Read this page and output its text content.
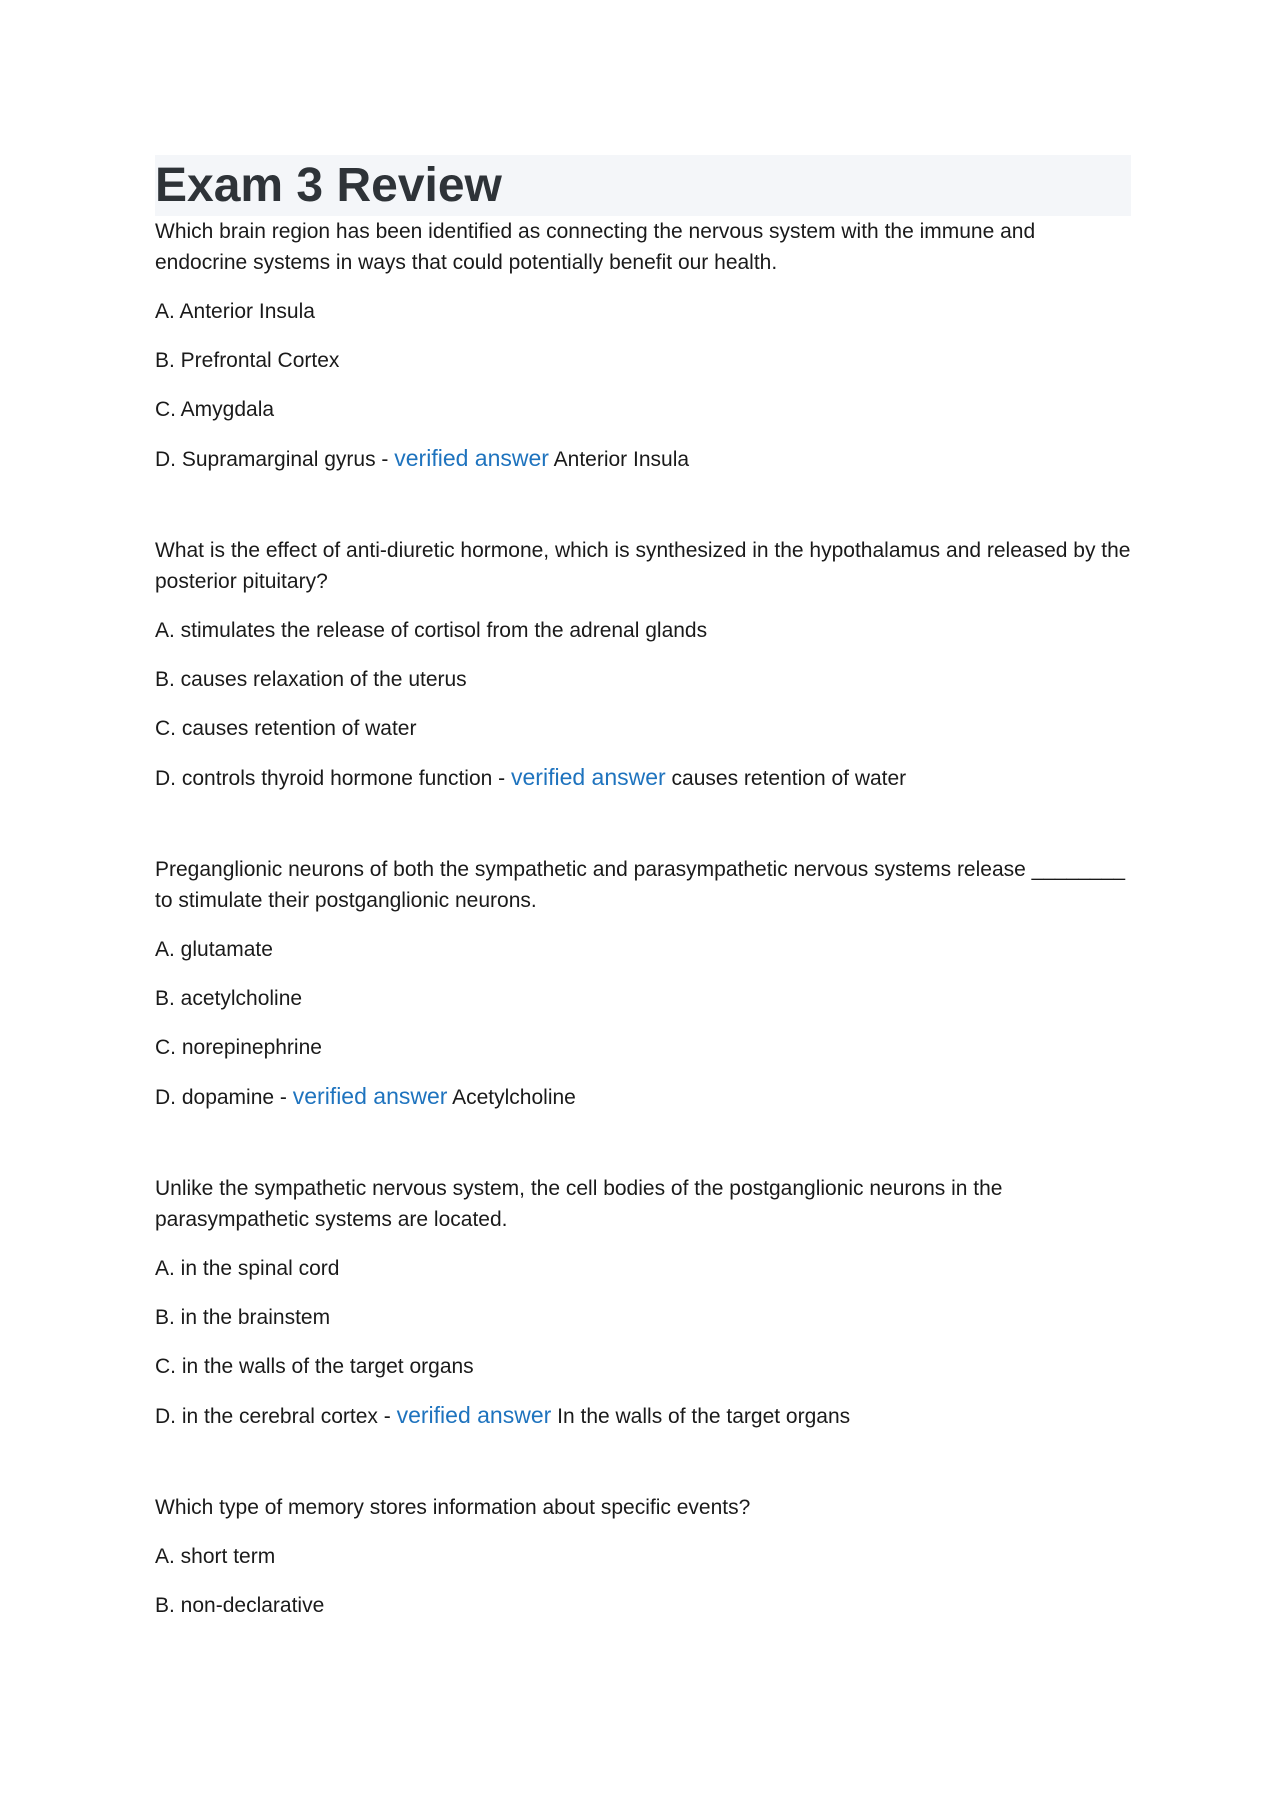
Exam 3 Review

Which brain region has been identified as connecting the nervous system with the immune and endocrine systems in ways that could potentially benefit our health.

A. Anterior Insula

B. Prefrontal Cortex

C. Amygdala

D. Supramarginal gyrus - verified answer Anterior Insula

What is the effect of anti-diuretic hormone, which is synthesized in the hypothalamus and released by the posterior pituitary?

A. stimulates the release of cortisol from the adrenal glands

B. causes relaxation of the uterus

C. causes retention of water

D. controls thyroid hormone function - verified answer causes retention of water

Preganglionic neurons of both the sympathetic and parasympathetic nervous systems release ________ to stimulate their postganglionic neurons.

A. glutamate

B. acetylcholine

C. norepinephrine

D. dopamine - verified answer Acetylcholine

Unlike the sympathetic nervous system, the cell bodies of the postganglionic neurons in the parasympathetic systems are located.

A. in the spinal cord

B. in the brainstem

C. in the walls of the target organs

D. in the cerebral cortex - verified answer In the walls of the target organs

Which type of memory stores information about specific events?

A. short term

B. non-declarative
